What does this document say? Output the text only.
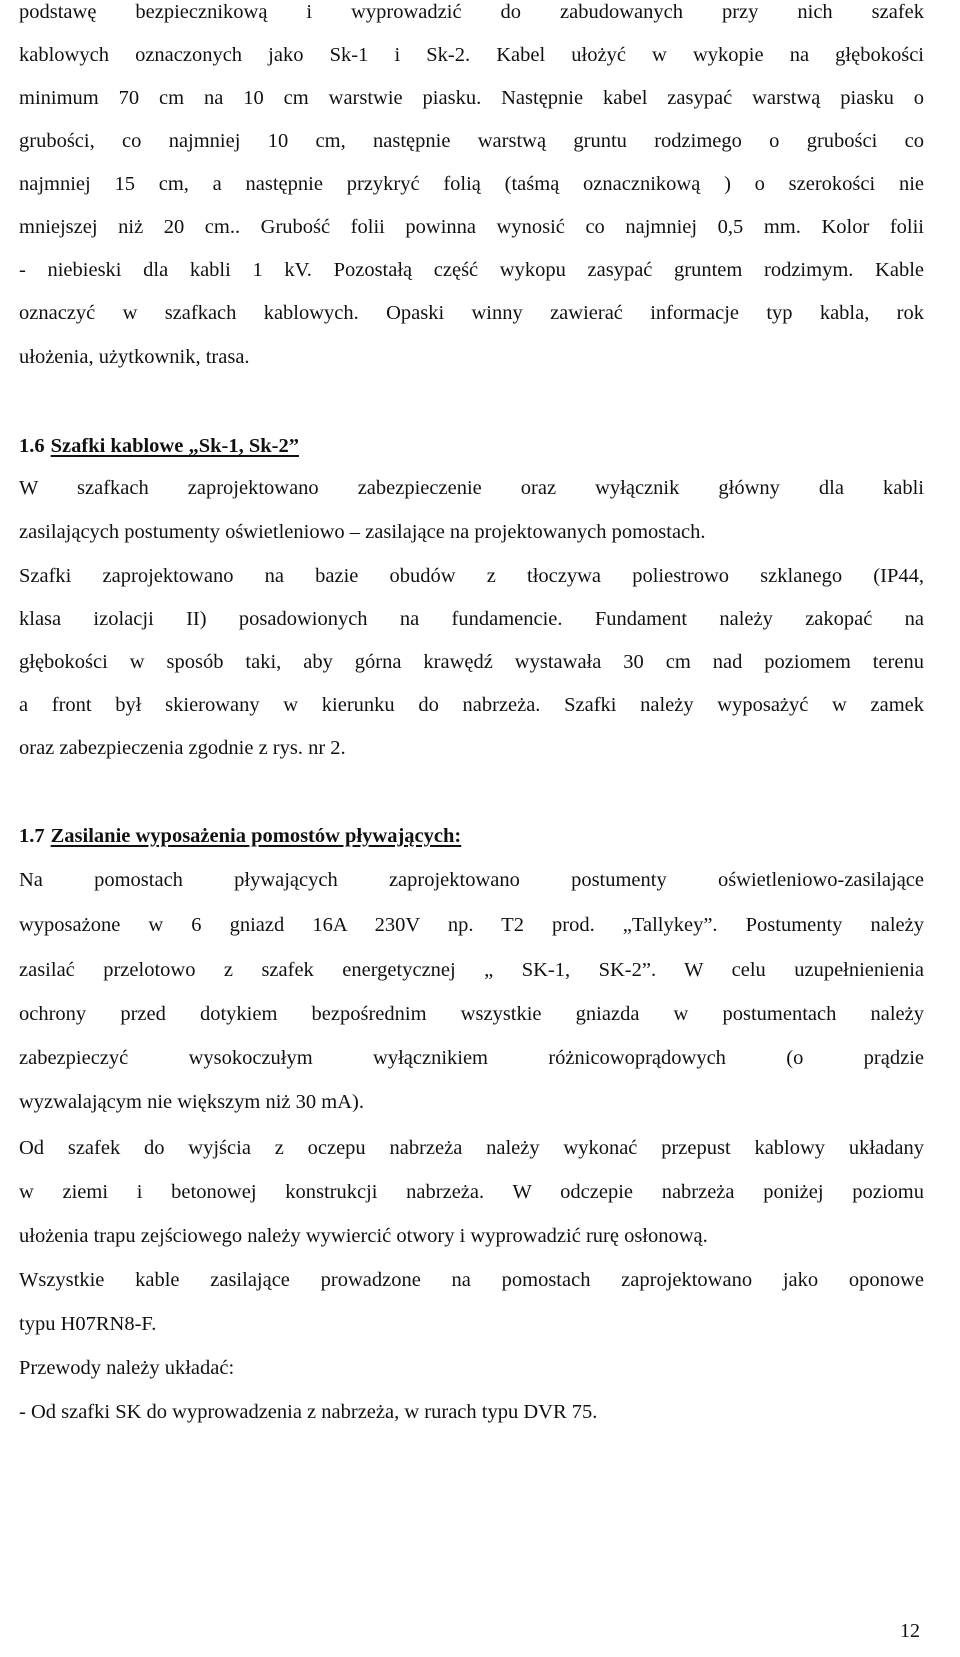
podstawę bezpiecznikową i wyprowadzić do zabudowanych przy nich szafek
kablowych oznaczonych jako Sk-1 i Sk-2. Kabel ułożyć w wykopie na głębokości
minimum 70 cm na 10 cm warstwie piasku. Następnie kabel zasypać warstwą piasku o
grubości, co najmniej 10 cm, następnie warstwą gruntu rodzimego o grubości co
najmniej 15 cm, a następnie przykryć folią (taśmą oznacznikową ) o szerokości nie
mniejszej niż 20 cm.. Grubość folii powinna wynosić co najmniej 0,5 mm. Kolor folii
- niebieski dla kabli 1 kV. Pozostałą część wykopu zasypać gruntem rodzimym. Kable
oznaczyć w szafkach kablowych. Opaski winny zawierać informacje typ kabla, rok
ułożenia, użytkownik, trasa.
1.6 Szafki kablowe „Sk-1, Sk-2”
W szafkach zaprojektowano zabezpieczenie oraz wyłącznik główny dla kabli
zasilających postumenty oświetleniowo – zasilające na projektowanych pomostach.
Szafki zaprojektowano na bazie obudów z tłoczywa poliestrowo szklanego (IP44,
klasa izolacji II) posadowionych na fundamencie. Fundament należy zakopać na
głębokości w sposób taki, aby górna krawędź wystawała 30 cm nad poziomem terenu
a front był skierowany w kierunku do nabrzeża. Szafki należy wyposażyć w zamek
oraz zabezpieczenia zgodnie z rys. nr 2.
1.7 Zasilanie wyposażenia pomostów pływających:
Na pomostach pływających zaprojektowano postumenty oświetleniowo-zasilające
wyposażone w 6 gniazd 16A 230V np. T2 prod. „Tallykey”. Postumenty należy
zasilać przelotowo z szafek energetycznej „ SK-1, SK-2”. W celu uzupełnienienia
ochrony przed dotykiem bezpośrednim wszystkie gniazda w postumentach należy
zabezpieczyć wysokoczułym wyłącznikiem różnicowoprądowych (o prądzie
wyzwalającym nie większym niż 30 mA).
Od szafek do wyjścia z oczepu nabrzeża należy wykonać przepust kablowy układany
w ziemi i betonowej konstrukcji nabrzeża. W odczepie nabrzeża poniżej poziomu
ułożenia trapu zejściowego należy wywiercić otwory i wyprowadzić rurę osłonową.
Wszystkie kable zasilające prowadzone na pomostach zaprojektowano jako oponowe
typu H07RN8-F.
Przewody należy układać:
- Od szafki SK do wyprowadzenia z nabrzeża, w rurach typu DVR 75.
12
